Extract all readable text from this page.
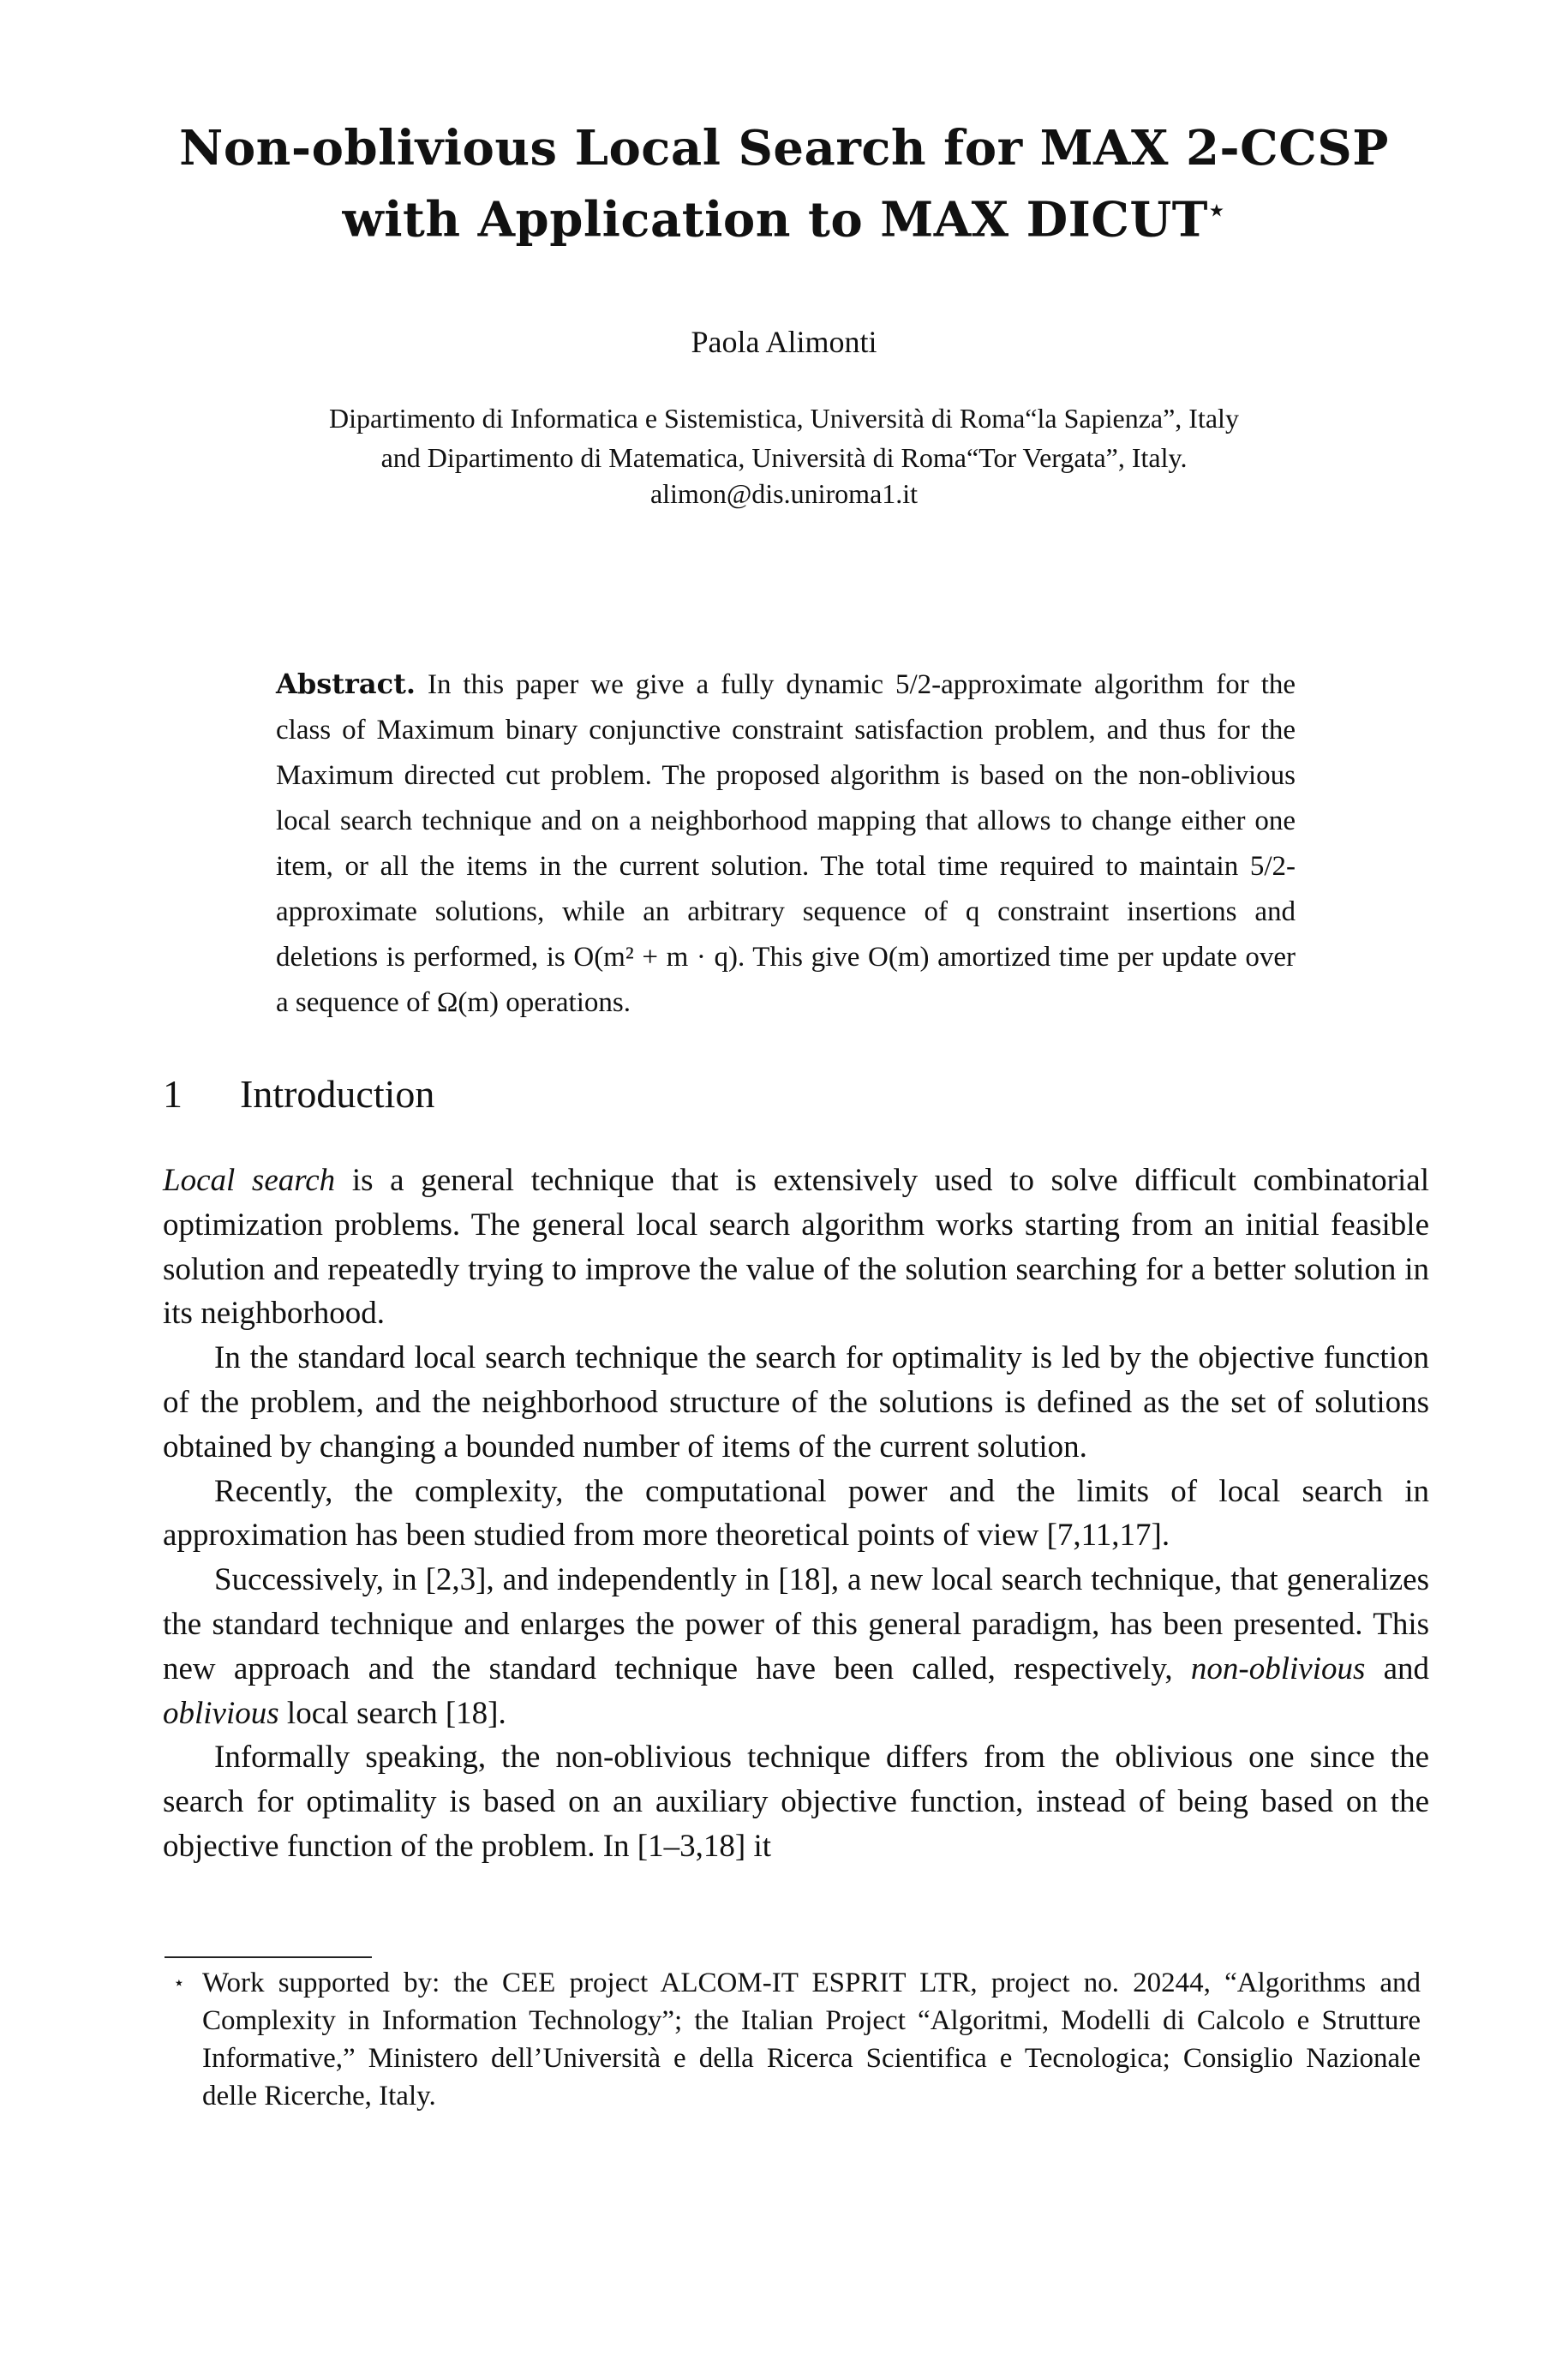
Non-oblivious Local Search for MAX 2-CCSP
with Application to MAX DICUT⋆
Paola Alimonti
Dipartimento di Informatica e Sistemistica, Università di Roma“la Sapienza”, Italy
and Dipartimento di Matematica, Università di Roma“Tor Vergata”, Italy.
alimon@dis.uniroma1.it
Abstract. In this paper we give a fully dynamic 5/2-approximate algorithm for the class of Maximum binary conjunctive constraint satisfaction problem, and thus for the Maximum directed cut problem. The proposed algorithm is based on the non-oblivious local search technique and on a neighborhood mapping that allows to change either one item, or all the items in the current solution. The total time required to maintain 5/2-approximate solutions, while an arbitrary sequence of q constraint insertions and deletions is performed, is O(m² + m · q). This give O(m) amortized time per update over a sequence of Ω(m) operations.
1 Introduction

Local search is a general technique that is extensively used to solve difficult combinatorial optimization problems. The general local search algorithm works starting from an initial feasible solution and repeatedly trying to improve the value of the solution searching for a better solution in its neighborhood.

In the standard local search technique the search for optimality is led by the objective function of the problem, and the neighborhood structure of the solutions is defined as the set of solutions obtained by changing a bounded number of items of the current solution.

Recently, the complexity, the computational power and the limits of local search in approximation has been studied from more theoretical points of view [7,11,17].

Successively, in [2,3], and independently in [18], a new local search technique, that generalizes the standard technique and enlarges the power of this general paradigm, has been presented. This new approach and the standard technique have been called, respectively, non-oblivious and oblivious local search [18].

Informally speaking, the non-oblivious technique differs from the oblivious one since the search for optimality is based on an auxiliary objective function, instead of being based on the objective function of the problem. In [1–3,18] it

⋆ Work supported by: the CEE project ALCOM-IT ESPRIT LTR, project no. 20244, “Algorithms and Complexity in Information Technology”; the Italian Project “Algoritmi, Modelli di Calcolo e Strutture Informative,” Ministero dell’Università e della Ricerca Scientifica e Tecnologica; Consiglio Nazionale delle Ricerche, Italy.
